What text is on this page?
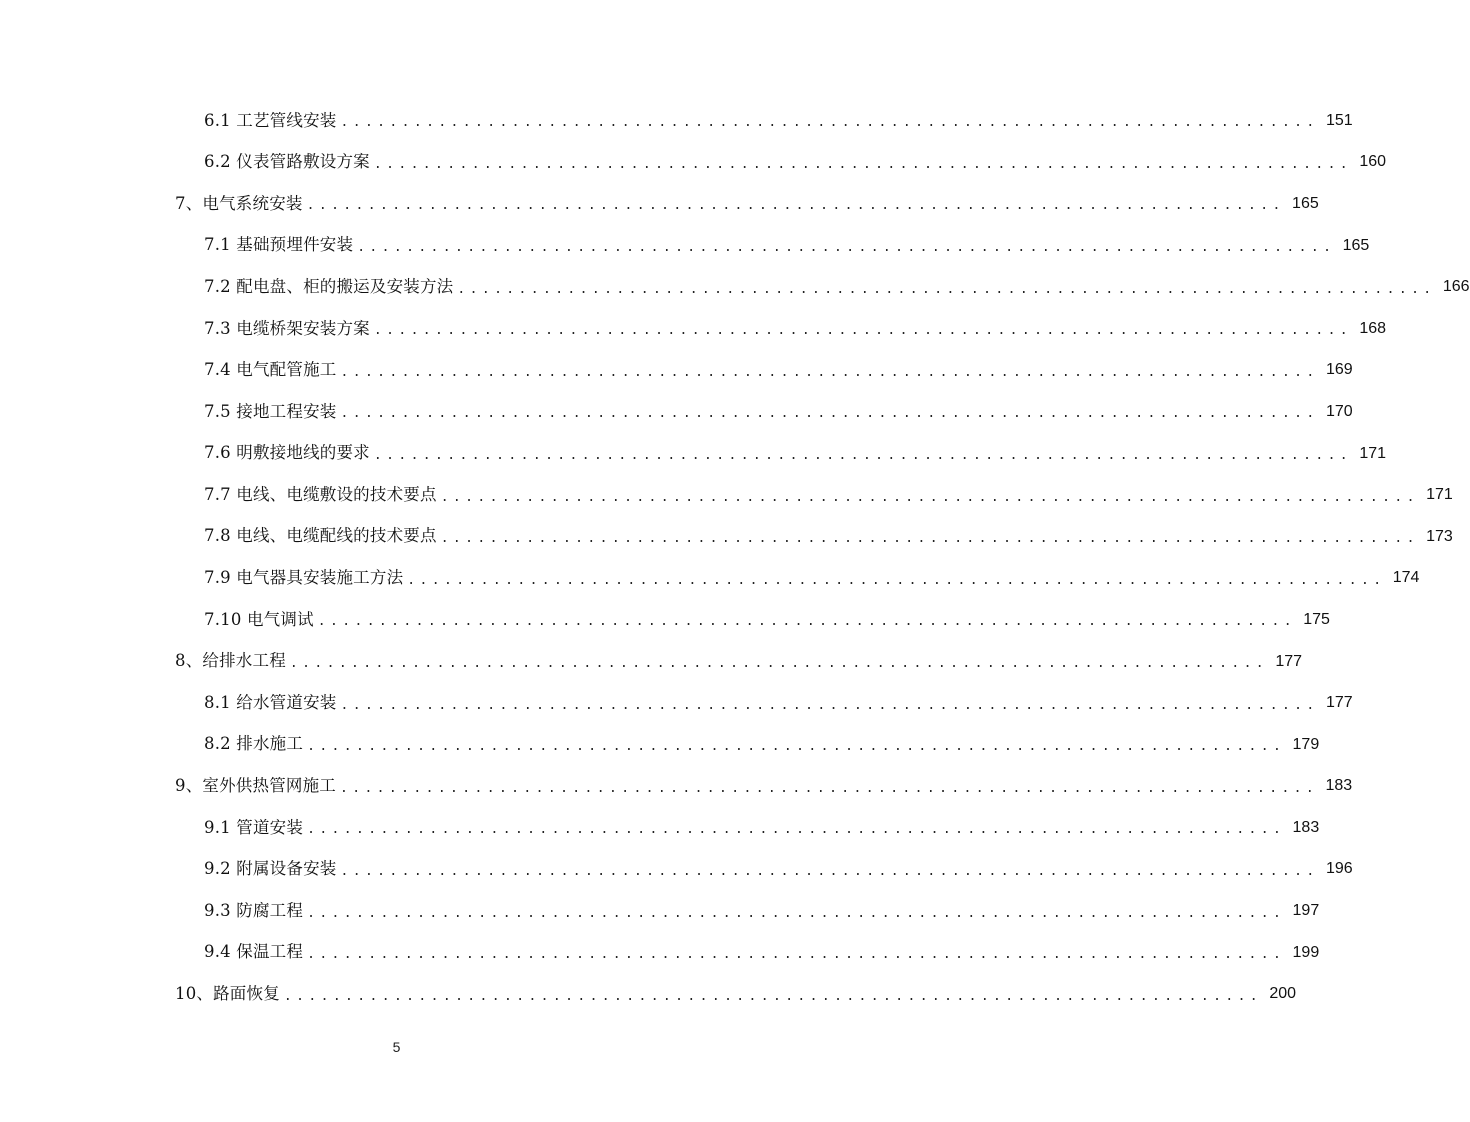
6.1 工艺管线安装 ................................................................................ 151
6.2 仪表管路敷设方案 ................................................................................ 160
7、电气系统安装 ................................................................................ 165
7.1 基础预埋件安装 ................................................................................ 165
7.2 配电盘、柜的搬运及安装方法 ................................................................................ 166
7.3 电缆桥架安装方案 ................................................................................ 168
7.4 电气配管施工 ................................................................................ 169
7.5 接地工程安装 ................................................................................ 170
7.6 明敷接地线的要求 ................................................................................ 171
7.7 电线、电缆敷设的技术要点 ................................................................................ 171
7.8 电线、电缆配线的技术要点 ................................................................................ 173
7.9 电气器具安装施工方法 ................................................................................ 174
7.10 电气调试 ................................................................................ 175
8、给排水工程 ................................................................................ 177
8.1 给水管道安装 ................................................................................ 177
8.2 排水施工 ................................................................................ 179
9、室外供热管网施工 ................................................................................ 183
9.1 管道安装 ................................................................................ 183
9.2 附属设备安装 ................................................................................ 196
9.3 防腐工程 ................................................................................ 197
9.4 保温工程 ................................................................................ 199
10、路面恢复 ................................................................................ 200
5
